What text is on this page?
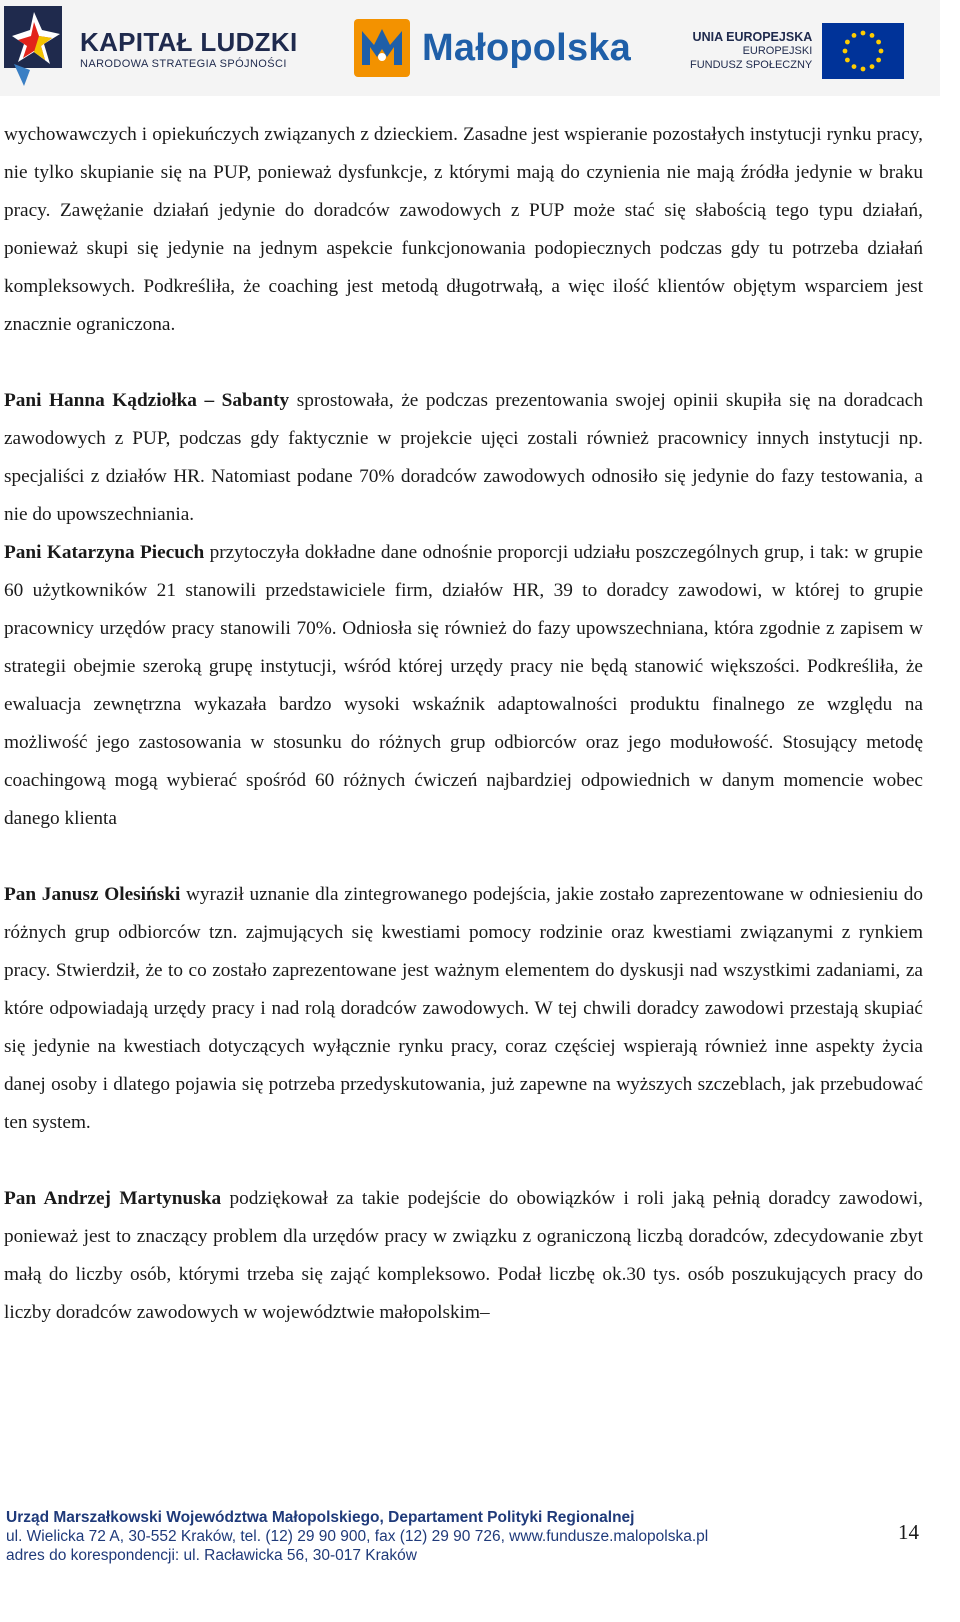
KAPITAŁ LUDZKI
NARODOWA STRATEGIA SPÓJNOŚCI	Małopolska	UNIA EUROPEJSKA
EUROPEJSKI
FUNDUSZ SPOŁECZNY

wychowawczych i opiekuńczych związanych z dzieckiem. Zasadne jest wspieranie pozostałych instytucji rynku pracy, nie tylko skupianie się na PUP, ponieważ dysfunkcje, z którymi mają do czynienia nie mają źródła jedynie w braku pracy. Zawężanie działań jedynie do doradców zawodowych z PUP może stać się słabością tego typu działań, ponieważ skupi się jedynie na jednym aspekcie funkcjonowania podopiecznych podczas gdy tu potrzeba działań kompleksowych. Podkreśliła, że coaching jest metodą długotrwałą, a więc ilość klientów objętym wsparciem jest znacznie ograniczona.

Pani Hanna Kądziołka – Sabanty sprostowała, że podczas prezentowania swojej opinii skupiła się na doradcach zawodowych z PUP, podczas gdy faktycznie w projekcie ujęci zostali również pracownicy innych instytucji np. specjaliści z działów HR. Natomiast podane 70% doradców zawodowych odnosiło się jedynie do fazy testowania, a nie do upowszechniania.

Pani Katarzyna Piecuch przytoczyła dokładne dane odnośnie proporcji udziału poszczególnych grup, i tak: w grupie 60 użytkowników 21 stanowili przedstawiciele firm, działów HR, 39 to doradcy zawodowi, w której to grupie pracownicy urzędów pracy stanowili 70%. Odniosła się również do fazy upowszechniana, która zgodnie z zapisem w strategii obejmie szeroką grupę instytucji, wśród której urzędy pracy nie będą stanowić większości. Podkreśliła, że ewaluacja zewnętrzna wykazała bardzo wysoki wskaźnik adaptowalności produktu finalnego ze względu na możliwość jego zastosowania w stosunku do różnych grup odbiorców oraz jego modułowość. Stosujący metodę coachingową mogą wybierać spośród 60 różnych ćwiczeń najbardziej odpowiednich w danym momencie wobec danego klienta

Pan Janusz Olesiński wyraził uznanie dla zintegrowanego podejścia, jakie zostało zaprezentowane w odniesieniu do różnych grup odbiorców tzn. zajmujących się kwestiami pomocy rodzinie oraz kwestiami związanymi z rynkiem pracy. Stwierdził, że to co zostało zaprezentowane jest ważnym elementem do dyskusji nad wszystkimi zadaniami, za które odpowiadają urzędy pracy i nad rolą doradców zawodowych. W tej chwili doradcy zawodowi przestają skupiać się jedynie na kwestiach dotyczących wyłącznie rynku pracy, coraz częściej wspierają również inne aspekty życia danej osoby i dlatego pojawia się potrzeba przedyskutowania, już zapewne na wyższych szczeblach, jak przebudować ten system.

Pan Andrzej Martynuska podziękował za takie podejście do obowiązków i roli jaką pełnią doradcy zawodowi, ponieważ jest to znaczący problem dla urzędów pracy w związku z ograniczoną liczbą doradców, zdecydowanie zbyt małą do liczby osób, którymi trzeba się zająć kompleksowo. Podał liczbę ok.30 tys. osób poszukujących pracy do liczby doradców zawodowych w województwie małopolskim–

Urząd Marszałkowski Województwa Małopolskiego, Departament Polityki Regionalnej
ul. Wielicka 72 A, 30-552 Kraków, tel. (12) 29 90 900, fax (12) 29 90 726, www.fundusze.malopolska.pl
adres do korespondencji: ul. Racławicka 56, 30-017 Kraków
14
